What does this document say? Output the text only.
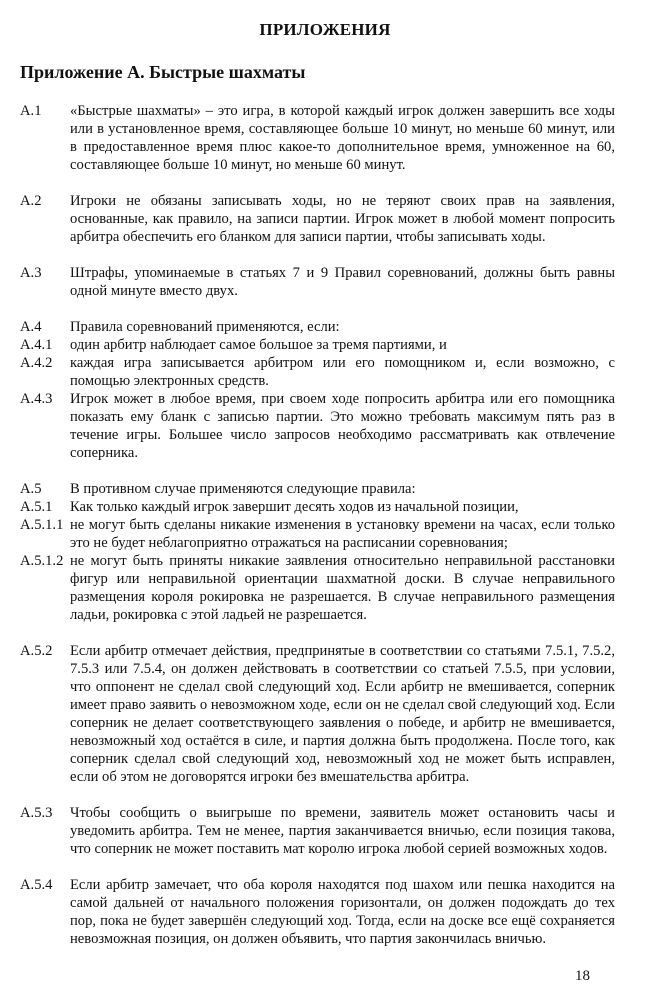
ПРИЛОЖЕНИЯ
Приложение A. Быстрые шахматы
A.1	«Быстрые шахматы» – это игра, в которой каждый игрок должен завершить все ходы или в установленное время, составляющее больше 10 минут, но меньше 60 минут, или в предоставленное время плюс какое-то дополнительное время, умноженное на 60, составляющее больше 10 минут, но меньше 60 минут.
A.2	Игроки не обязаны записывать ходы, но не теряют своих прав на заявления, основанные, как правило, на записи партии. Игрок может в любой момент попросить арбитра обеспечить его бланком для записи партии, чтобы записывать ходы.
A.3	Штрафы, упоминаемые в статьях 7 и 9 Правил соревнований, должны быть равны одной минуте вместо двух.
A.4	Правила соревнований применяются, если:
A.4.1	один арбитр наблюдает самое большое за тремя партиями, и
A.4.2	каждая игра записывается арбитром или его помощником и, если возможно, с помощью электронных средств.
A.4.3	Игрок может в любое время, при своем ходе попросить арбитра или его помощника показать ему бланк с записью партии. Это можно требовать максимум пять раз в течение игры. Большее число запросов необходимо рассматривать как отвлечение соперника.
A.5	В противном случае применяются следующие правила:
A.5.1	Как только каждый игрок завершит десять ходов из начальной позиции,
A.5.1.1 не могут быть сделаны никакие изменения в установку времени на часах, если только это не будет неблагоприятно отражаться на расписании соревнования;
A.5.1.2 не могут быть приняты никакие заявления относительно неправильной расстановки фигур или неправильной ориентации шахматной доски. В случае неправильного размещения короля рокировка не разрешается. В случае неправильного размещения ладьи, рокировка с этой ладьей не разрешается.
A.5.2	Если арбитр отмечает действия, предпринятые в соответствии со статьями 7.5.1, 7.5.2, 7.5.3 или 7.5.4, он должен действовать в соответствии со статьей 7.5.5, при условии, что оппонент не сделал свой следующий ход. Если арбитр не вмешивается, соперник имеет право заявить о невозможном ходе, если он не сделал свой следующий ход. Если соперник не делает соответствующего заявления о победе, и арбитр не вмешивается, невозможный ход остаётся в силе, и партия должна быть продолжена. После того, как соперник сделал свой следующий ход, невозможный ход не может быть исправлен, если об этом не договорятся игроки без вмешательства арбитра.
A.5.3	Чтобы сообщить о выигрыше по времени, заявитель может остановить часы и уведомить арбитра. Тем не менее, партия заканчивается вничью, если позиция такова, что соперник не может поставить мат королю игрока любой серией возможных ходов.
A.5.4	Если арбитр замечает, что оба короля находятся под шахом или пешка находится на самой дальней от начального положения горизонтали, он должен подождать до тех пор, пока не будет завершён следующий ход. Тогда, если на доске все ещё сохраняется невозможная позиция, он должен объявить, что партия закончилась вничью.
18
